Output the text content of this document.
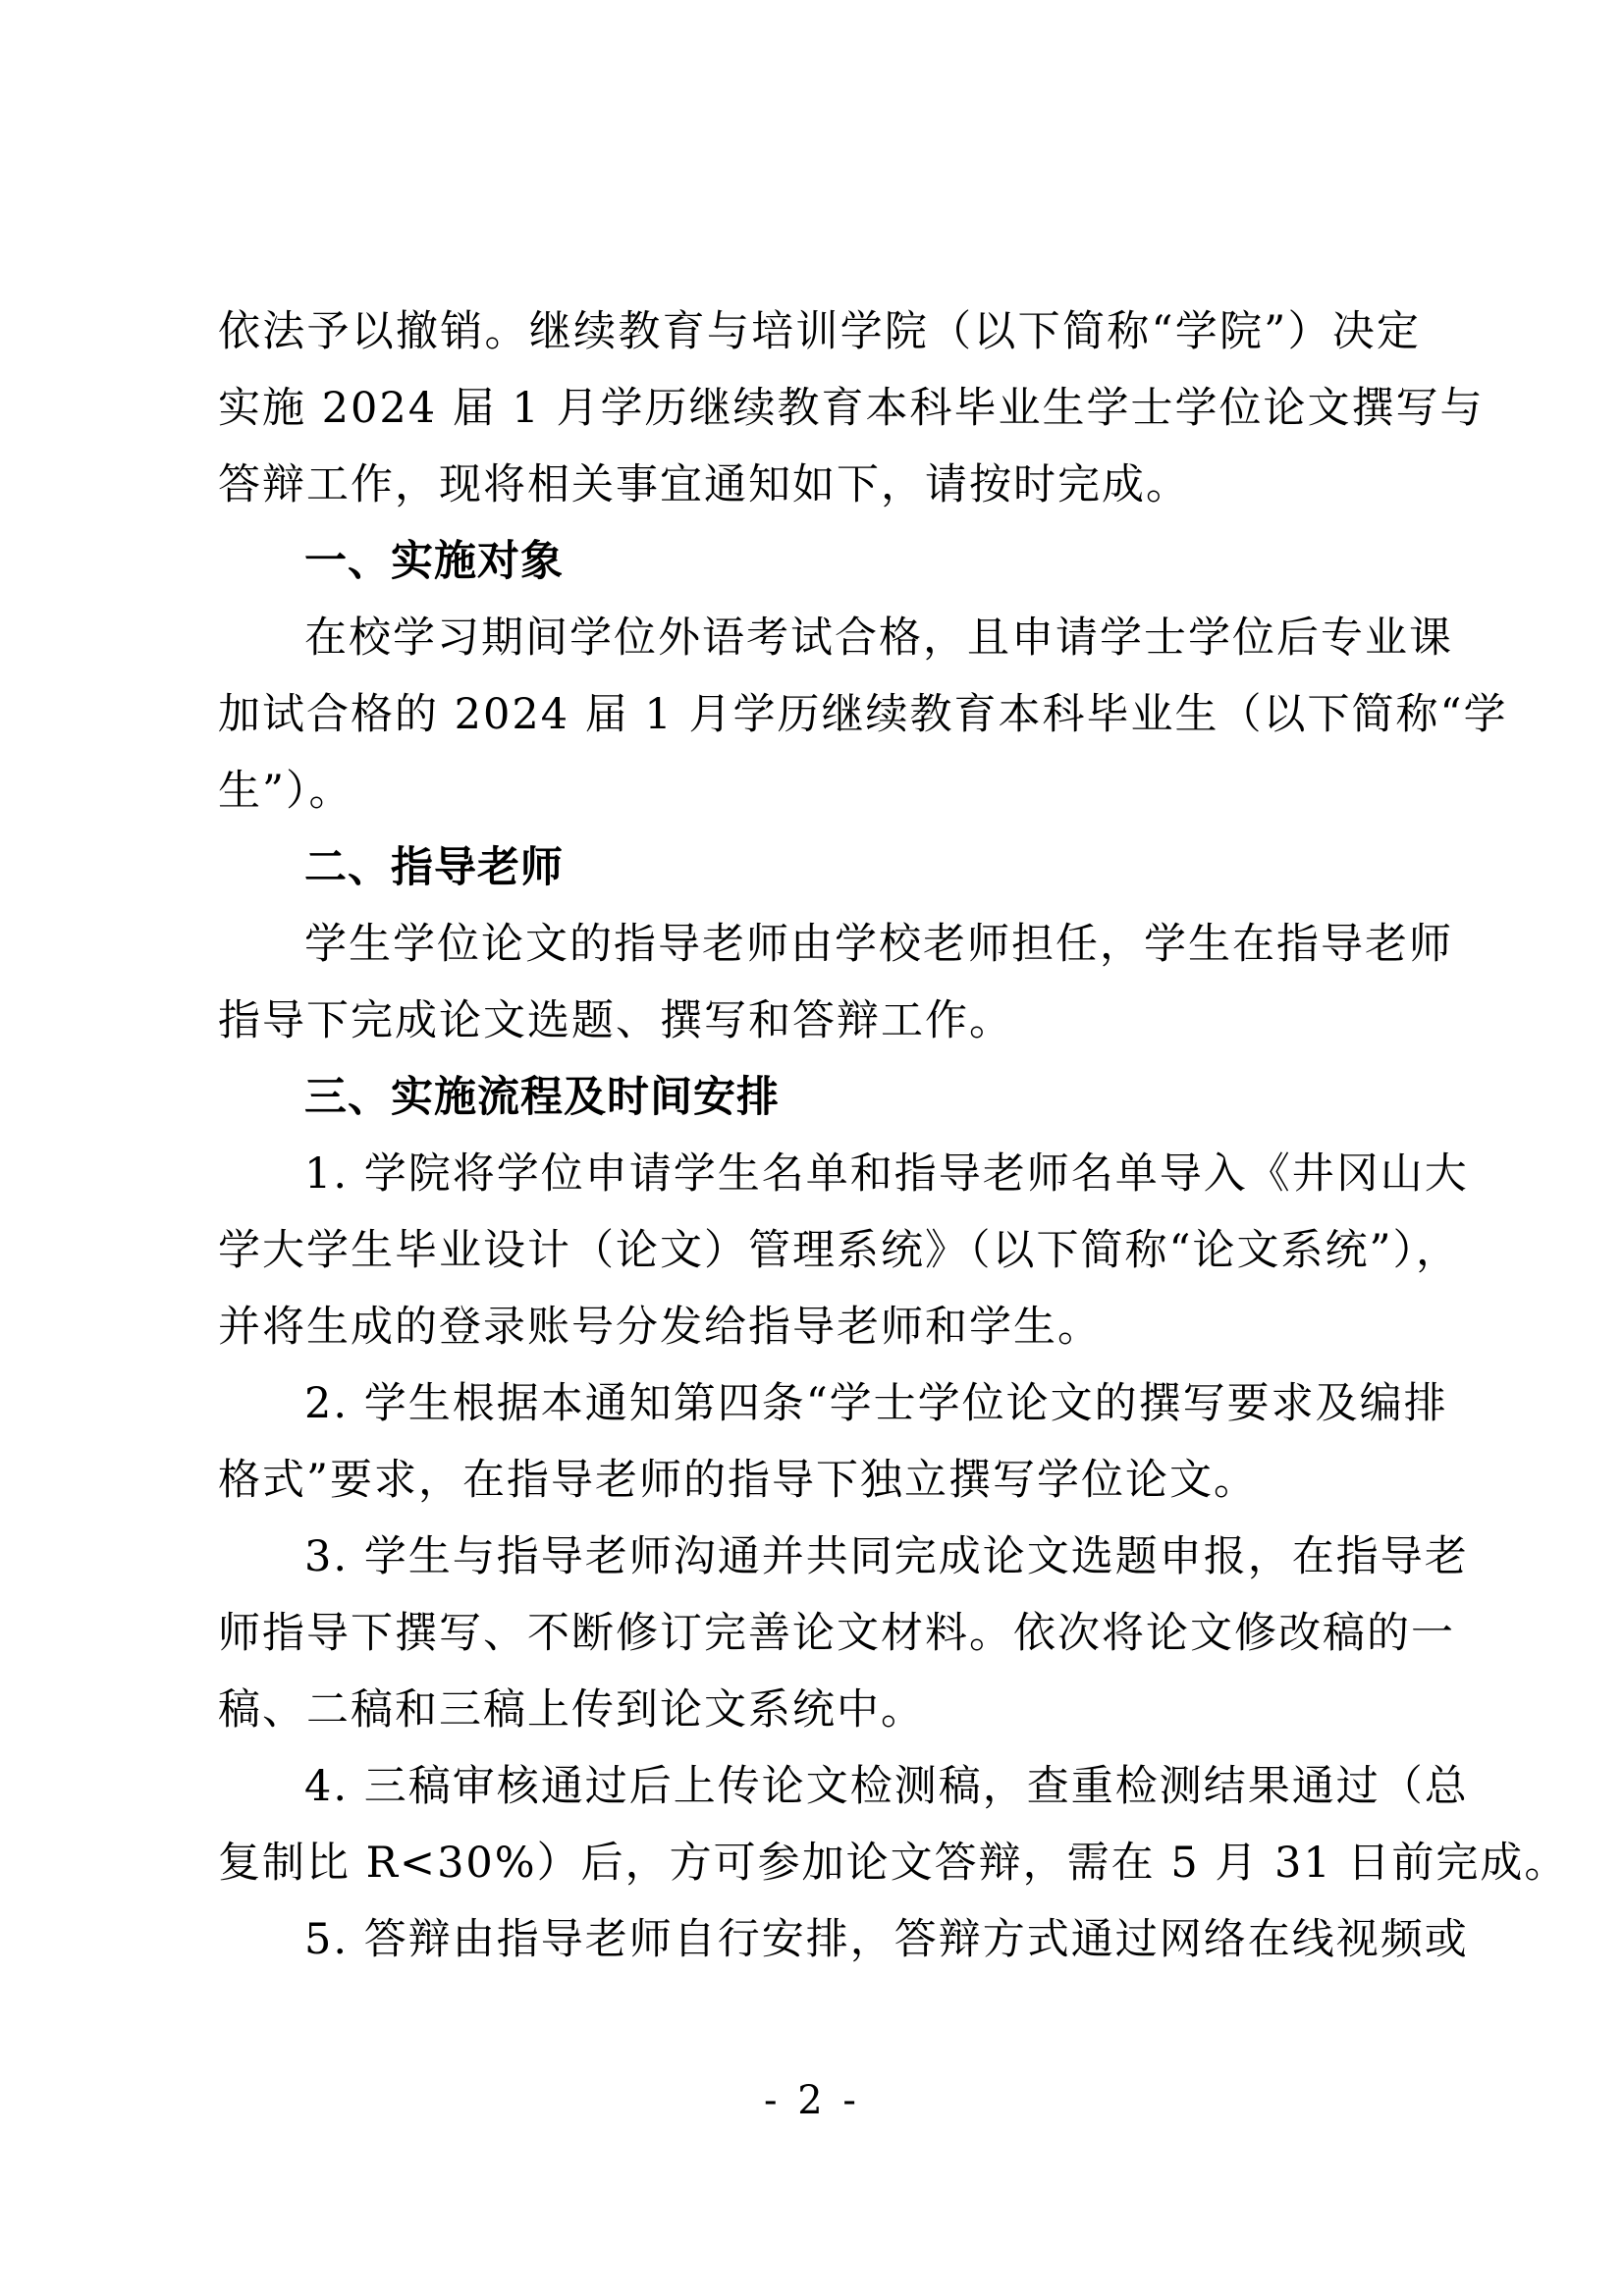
依法予以撤销。继续教育与培训学院（以下简称“学院”）决定
实施 2024 届 1 月学历继续教育本科毕业生学士学位论文撰写与
答辩工作，现将相关事宜通知如下，请按时完成。
一、实施对象
在校学习期间学位外语考试合格，且申请学士学位后专业课
加试合格的 2024 届 1 月学历继续教育本科毕业生（以下简称“学
生”）。
二、指导老师
学生学位论文的指导老师由学校老师担任，学生在指导老师
指导下完成论文选题、撰写和答辩工作。
三、实施流程及时间安排
1. 学院将学位申请学生名单和指导老师名单导入《井冈山大
学大学生毕业设计（论文）管理系统》（以下简称“论文系统”），
并将生成的登录账号分发给指导老师和学生。
2. 学生根据本通知第四条“学士学位论文的撰写要求及编排
格式”要求，在指导老师的指导下独立撰写学位论文。
3. 学生与指导老师沟通并共同完成论文选题申报，在指导老
师指导下撰写、不断修订完善论文材料。依次将论文修改稿的一
稿、二稿和三稿上传到论文系统中。
4. 三稿审核通过后上传论文检测稿，查重检测结果通过（总
复制比 R<30%）后，方可参加论文答辩，需在 5 月 31 日前完成。
5. 答辩由指导老师自行安排，答辩方式通过网络在线视频或
- 2 -
